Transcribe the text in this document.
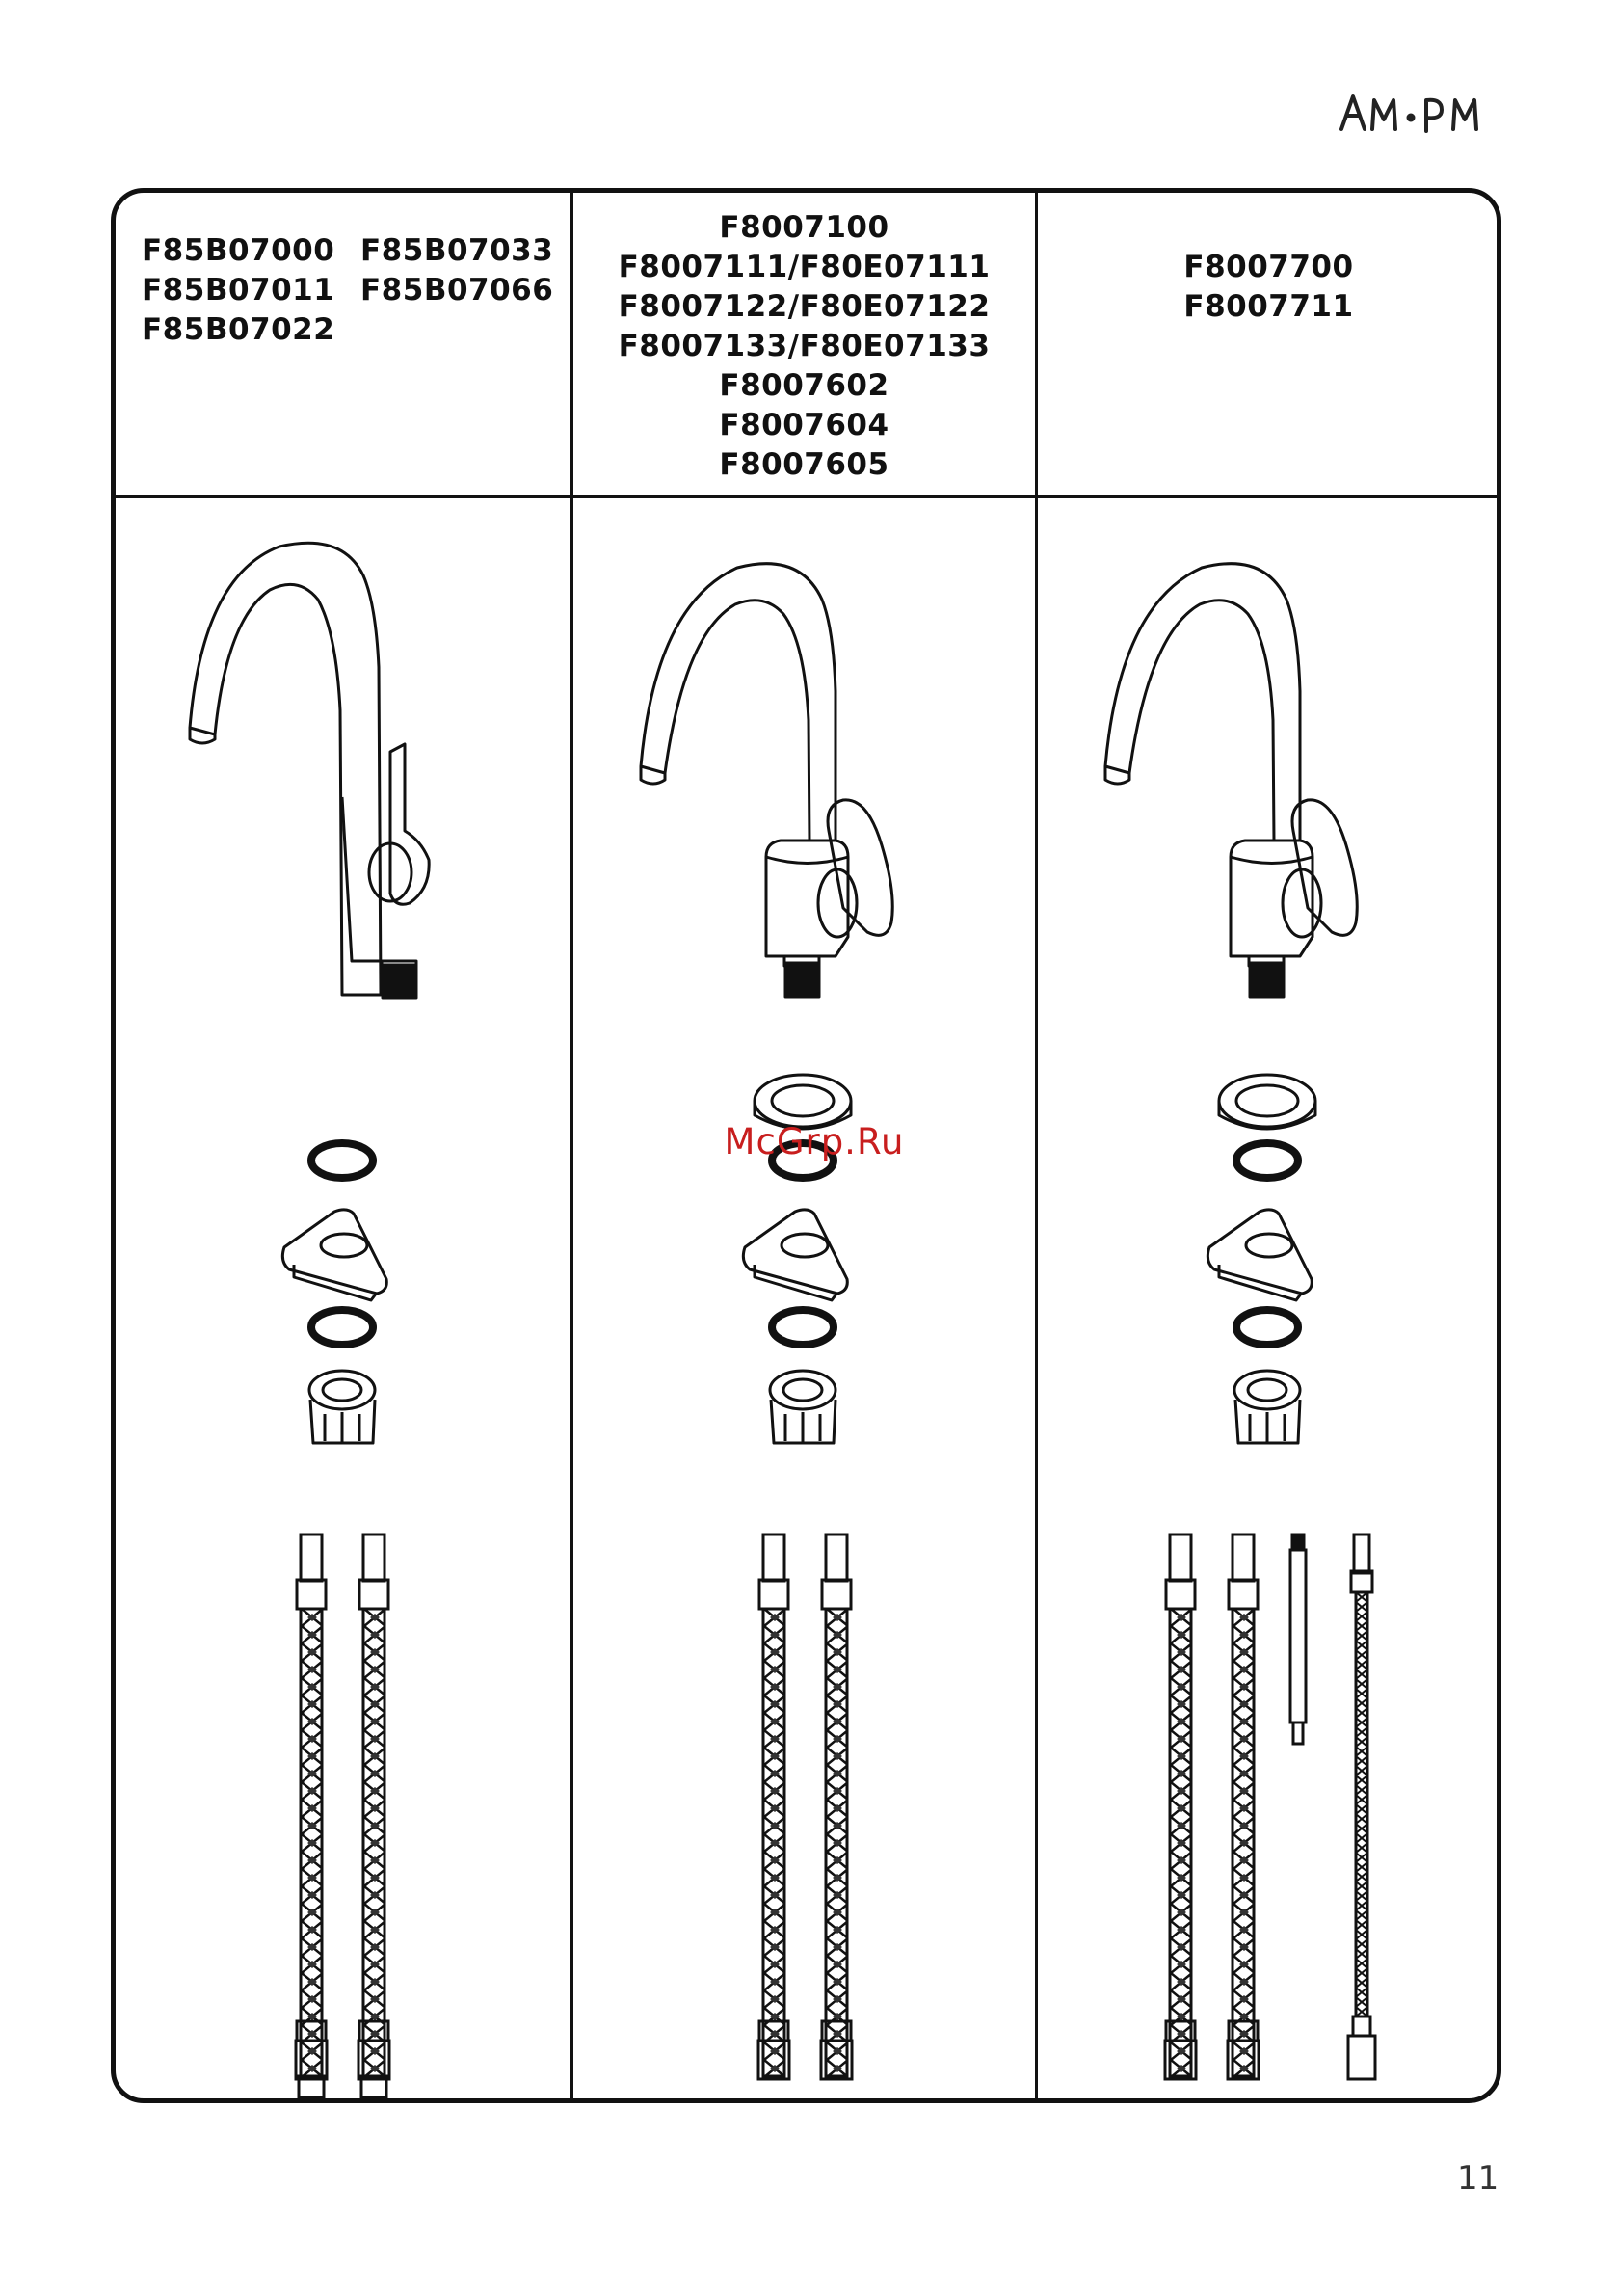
F85B07000
F85B07011
F85B07022
F85B07033
F85B07066
F8007100
F8007111/F80E07111
F8007122/F80E07122
F8007133/F80E07133
F8007602
F8007604
F8007605
F8007700
F8007711
McGrp.Ru
11
